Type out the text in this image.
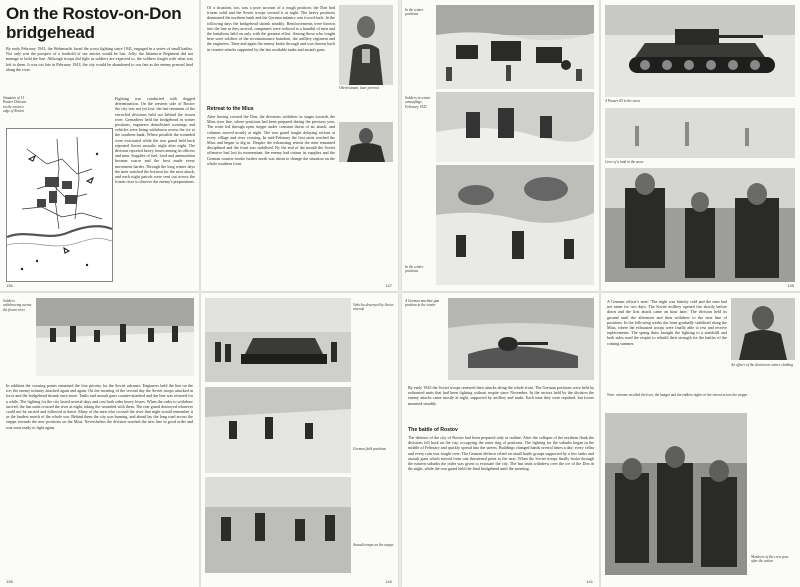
On the Rostov-on-Don bridgehead
By early February 1943, the Wehrmacht faced the worst fighting since 1941, engaged in a series of small battles. Not only was the prospect of a foothold of our entries would be lost. Jolly: the Infanterie Regiment did not manage to hold the line. Although troops did fight as soldiers are expected to, the soldiers fought with what was left to them. It was too late in February 1943, the city would be abandoned to our fate as the enemy pressed hard along the river.
Situation of 13 Panzer Division on the eastern edge of Rostov
Fighting was conducted with dogged determination. On the western side of Rostov the city was not yet lost: the last remnants of the encircled divisions held out behind the frozen river. Grenadiers held the bridgehead in winter positions, engineers demolished crossings and vehicles were being withdrawn across the ice to the southern bank. Where possible the wounded were evacuated while the rear guard held back repeated Soviet assaults, night after night. The division reported heavy losses among its officers and men. Supplies of fuel, food and ammunition became scarce and the frost made every movement harder. Through the long winter days the men watched the horizon for the next attack, and each night patrols were sent out across the frozen river to observe the enemy's preparations.
136
Of a situation, too, was a poor account of a rough position; the Don had frozen solid and the Soviet troops crossed it at night. The heavy positions dominated the northern bank and the German infantry was forced back. In the following days the bridgehead shrank steadily. Reinforcements were thrown into the line as they arrived, companies were reduced to a handful of men and the battalions held on only with the greatest effort. Among those who fought here were soldiers of the reconnaissance battalion, the artillery regiment and the engineers. Time and again the enemy broke through and was thrown back in counter-attacks supported by the last available tanks and assault guns.
Oberleutnant, later portrait
Retreat to the Mius
After having crossed the Don, the divisions withdrew in stages towards the Mius river line, where positions had been prepared during the previous year. The route led through open steppe under constant threat of air attack, and columns moved mostly at night. The rear guard fought delaying actions at every village and river crossing. In mid-February the first units reached the Mius and began to dig in. Despite the exhausting retreat the men remained disciplined and the front was stabilised. By the end of the month the Soviet offensive had lost its momentum; the enemy had outrun its supplies and the German counter-stroke further north was about to change the situation on the whole southern front.
137
In the winter positions
Soldiers in winter camouflage, February 1943
In the winter positions
A Panzer III in the snow
Crew of a tank in the snow
139
Soldiers withdrawing across the frozen river
In addition the crossing points remained the first priority for the Soviet advance. Engineers held the line on the ice; the enemy infantry attacked again and again. On the morning of the second day the Soviet troops attacked in force and the bridgehead shrank once more. Tanks and assault guns counter-attacked and the line was restored for a while. The fighting for the city lasted several days and cost both sides heavy losses. When the order to withdraw arrived, the last units crossed the river at night, taking the wounded with them. The rear guard destroyed whatever could not be carried and followed at dawn. Many of the men who crossed the river that night would remember it as the hardest march of the whole war. Behind them the city was burning, and ahead lay the long road across the steppe towards the new positions on the Mius. Nevertheless the division reached the new line in good order and was soon ready to fight again.
138
Vehicles destroyed by Soviet aircraft
German field positions
Assault troops on the steppe
140
A German machine gun position in the winter
By early 1943 the Soviet troops renewed their attacks along the whole front. The German positions were held by exhausted units that had been fighting without respite since November. In the sectors held by the division the enemy attacks came mostly at night, supported by artillery and tanks. Each time they were repulsed, but losses mounted steadily.
The battle of Rostov
The defence of the city of Rostov had been prepared only in outline. After the collapse of the northern flank the divisions fell back on the city, occupying the outer ring of positions. The fighting for the suburbs began in the middle of February and quickly spread into the streets. Buildings changed hands several times a day; every cellar and every ruin was fought over. The German defence relied on small battle groups supported by a few tanks and assault guns which moved from one threatened point to the next. When the Soviet troops finally broke through the eastern suburbs the order was given to evacuate the city. The last units withdrew over the ice of the Don in the night, while the rear guard held the final bridgehead until the morning.
141
A German officer's note: 'The night was bitterly cold and the men had not eaten for two days. The Soviet artillery opened fire shortly before dawn and the first attack came an hour later.' The division held its ground until the afternoon and then withdrew to the next line of positions. In the following weeks the front gradually stabilised along the Mius, where the exhausted troops were finally able to rest and receive replacements. The spring thaw brought the fighting to a standstill and both sides used the respite to rebuild their strength for the battles of the coming summer.
An officer of the division in winter clothing
Note: veterans recalled the frost, the hunger and the endless nights of the retreat across the steppe.
Members of the crew pose after the action
